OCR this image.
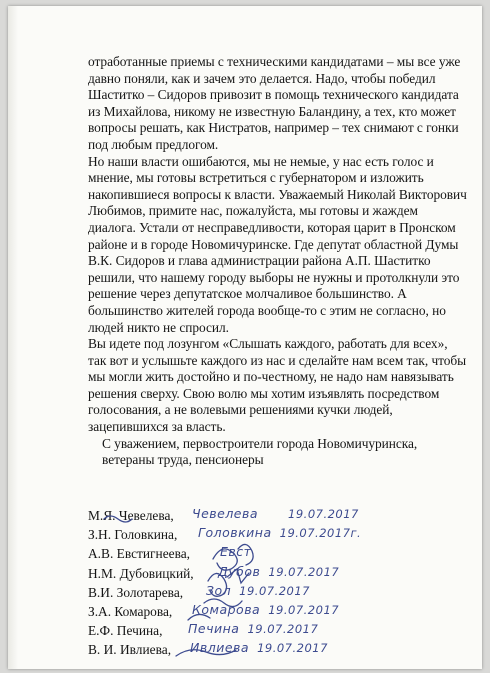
отработанные приемы с техническими кандидатами – мы все уже давно поняли, как и зачем это делается. Надо, чтобы победил Шаститко – Сидоров привозит в помощь технического кандидата из Михайлова, никому не известную Баландину, а тех, кто может вопросы решать, как Нистратов, например – тех снимают с гонки под любым предлогом.

Но наши власти ошибаются, мы не немые, у нас есть голос и мнение, мы готовы встретиться с губернатором и изложить накопившиеся вопросы к власти. Уважаемый Николай Викторович Любимов, примите нас, пожалуйста, мы готовы и жаждем диалога. Устали от несправедливости, которая царит в Пронском районе и в городе Новомичуринске. Где депутат областной Думы В.К. Сидоров и глава администрации района А.П. Шаститко решили, что нашему городу выборы не нужны и протолкнули это решение через депутатское молчаливое большинство. А большинство жителей города вообще-то с этим не согласно, но людей никто не спросил.

Вы идете под лозунгом «Слышать каждого, работать для всех», так вот и услышьте каждого из нас и сделайте нам всем так, чтобы мы могли жить достойно и по-честному, не надо нам навязывать решения сверху. Свою волю мы хотим изъявлять посредством голосования, а не волевыми решениями кучки людей, зацепившихся за власть.

С уважением, первостроители города Новомичуринска, ветераны труда, пенсионеры

М.Я. Чевелева, Чевелева	19.07.2017
З.Н. Головкина, Головкина 19.07.2017г.
А.В. Евстигнеева, Евст
Н.М. Дубовицкий, Дубов 19.07.2017
В.И. Золотарева, Зол 19.07.2017
З.А. Комарова, Комарова 19.07.2017
Е.Ф. Печина, Печина 19.07.2017
В. И. Ивлиева, Ивлиева 19.07.2017
